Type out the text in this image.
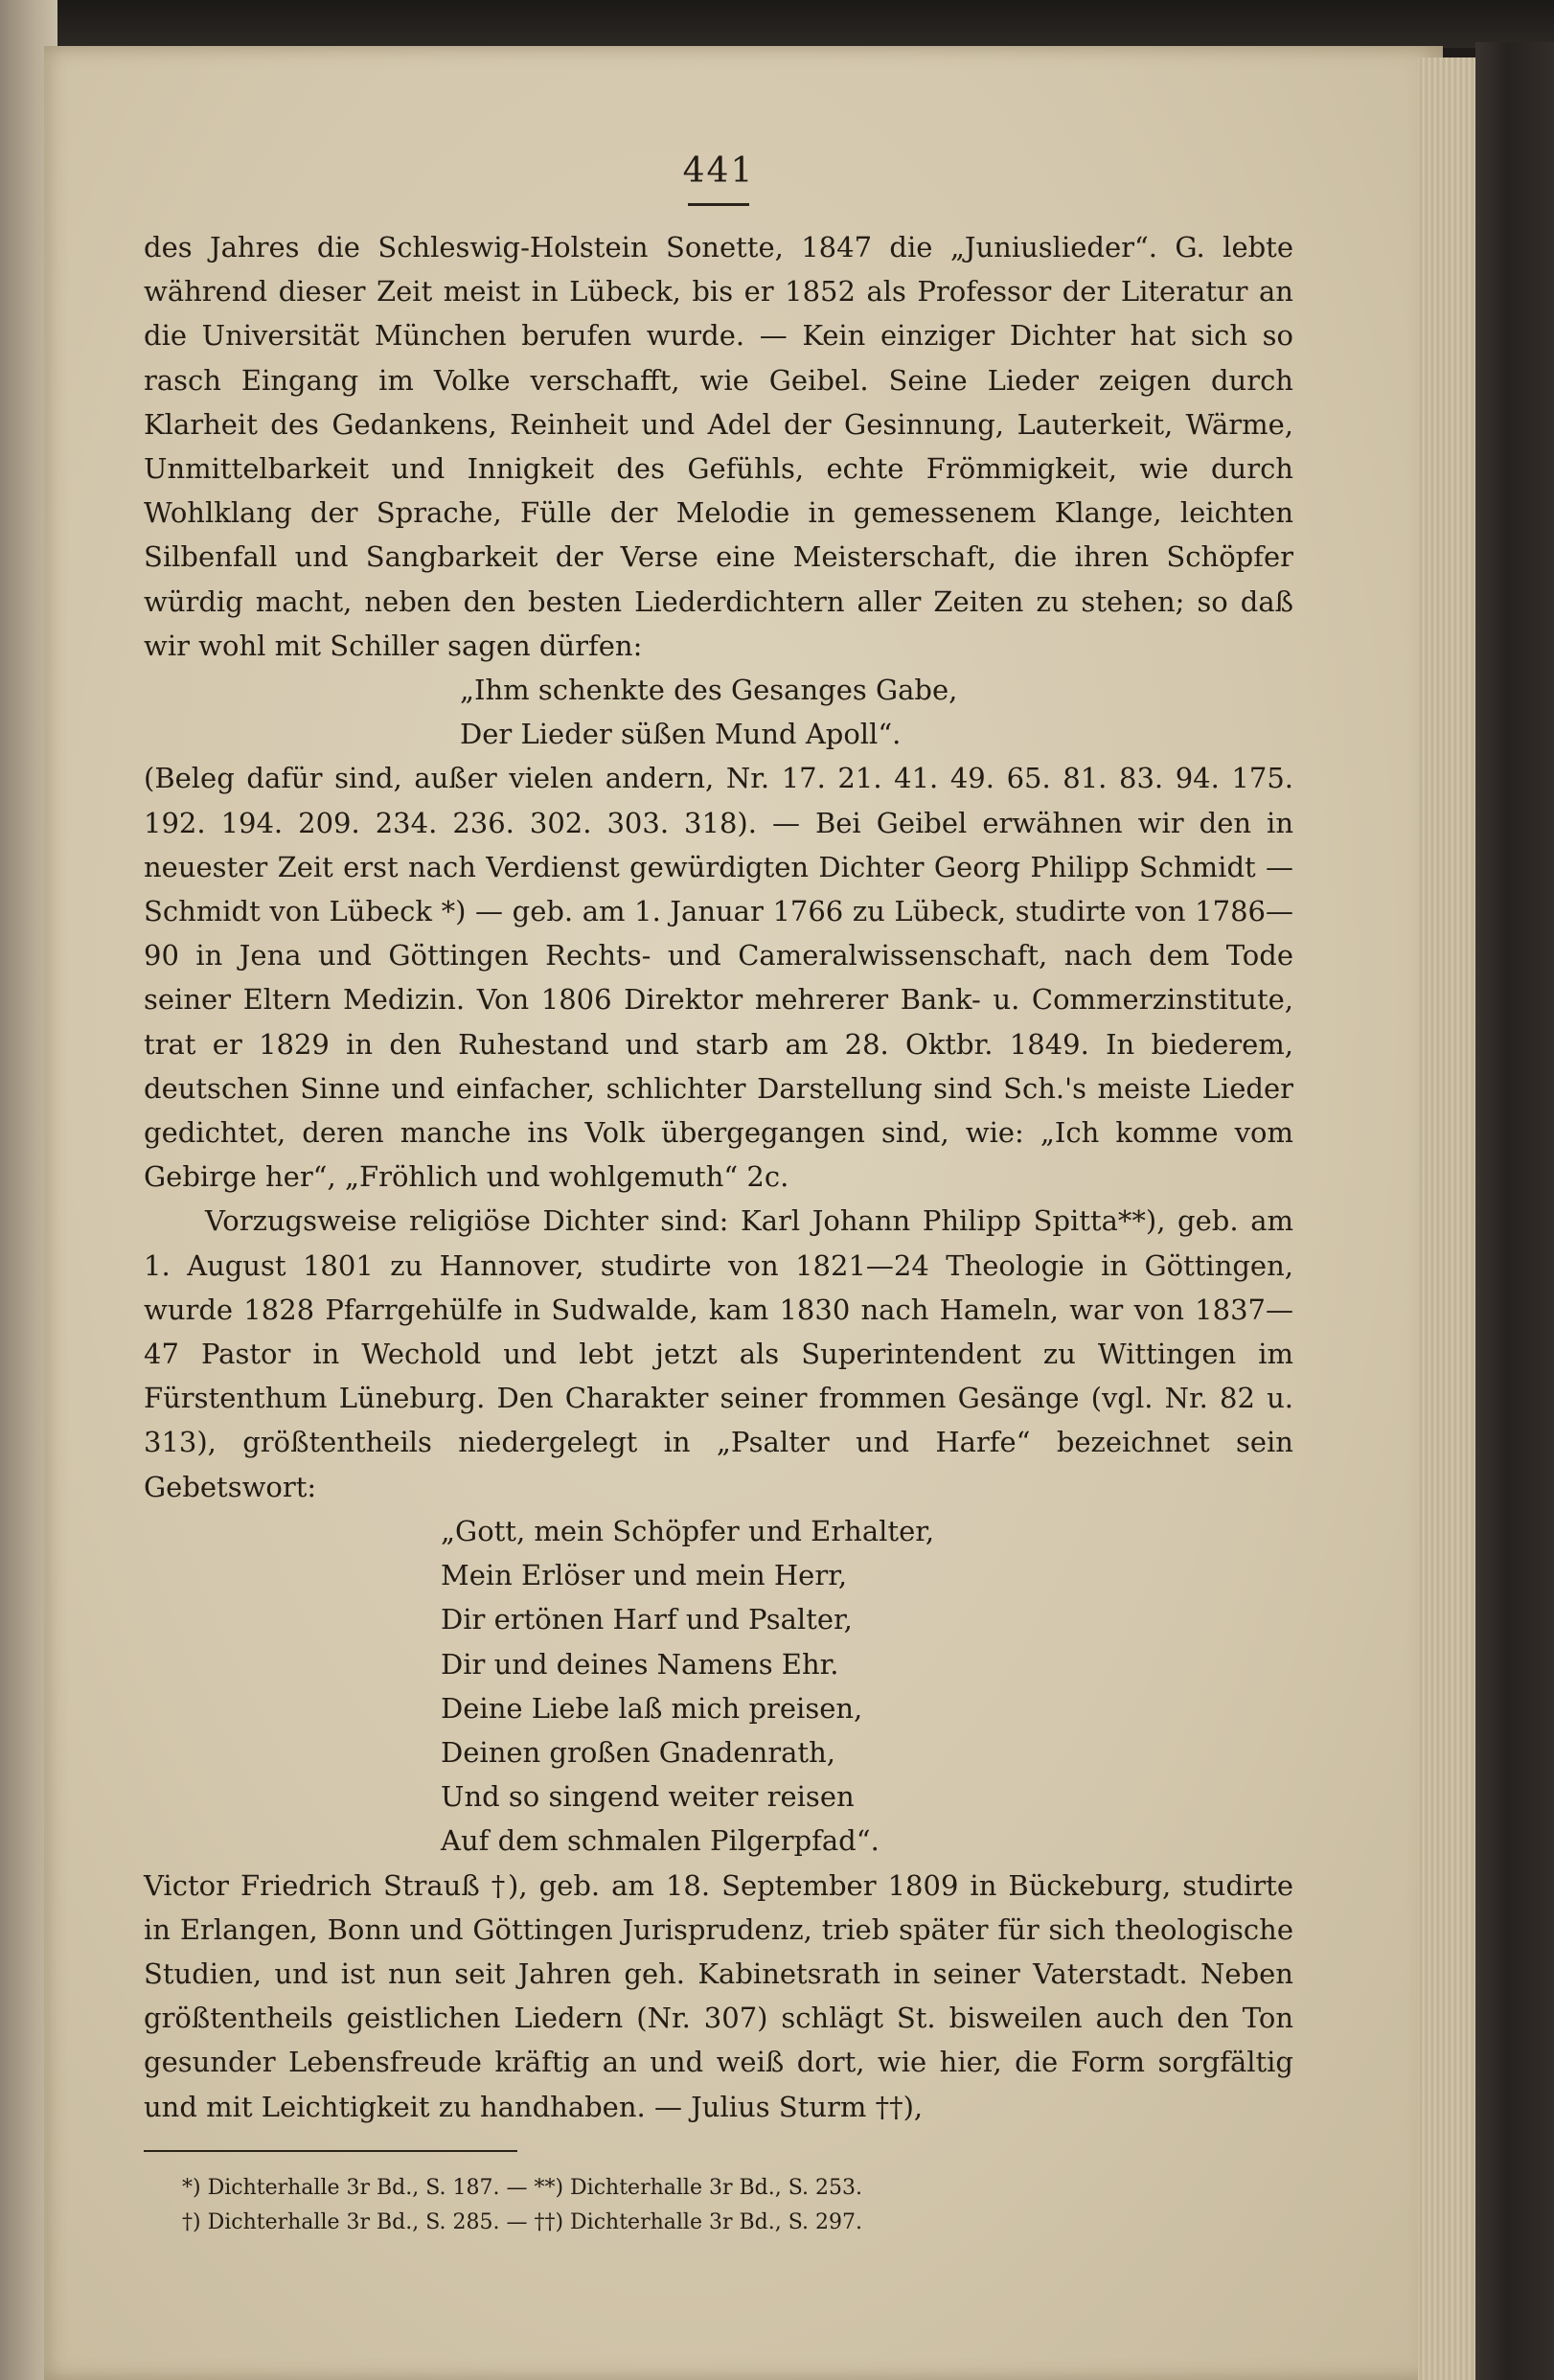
441

des Jahres die Schleswig-Holstein Sonette, 1847 die „Juniuslieder“. G. lebte während dieser Zeit meist in Lübeck, bis er 1852 als Professor der Literatur an die Universität München berufen wurde. — Kein einziger Dichter hat sich so rasch Eingang im Volke verschafft, wie Geibel. Seine Lieder zeigen durch Klarheit des Gedankens, Reinheit und Adel der Gesinnung, Lauterkeit, Wärme, Unmittelbarkeit und Innigkeit des Gefühls, echte Frömmigkeit, wie durch Wohlklang der Sprache, Fülle der Melodie in gemessenem Klange, leichten Silbenfall und Sangbarkeit der Verse eine Meisterschaft, die ihren Schöpfer würdig macht, neben den besten Liederdichtern aller Zeiten zu stehen; so daß wir wohl mit Schiller sagen dürfen:

„Ihm schenkte des Gesanges Gabe,
Der Lieder süßen Mund Apoll“.

(Beleg dafür sind, außer vielen andern, Nr. 17. 21. 41. 49. 65. 81. 83. 94. 175. 192. 194. 209. 234. 236. 302. 303. 318). — Bei Geibel erwähnen wir den in neuester Zeit erst nach Verdienst gewürdigten Dichter Georg Philipp Schmidt — Schmidt von Lübeck *) — geb. am 1. Januar 1766 zu Lübeck, studirte von 1786—90 in Jena und Göttingen Rechts- und Cameralwissenschaft, nach dem Tode seiner Eltern Medizin. Von 1806 Direktor mehrerer Bank- u. Commerzinstitute, trat er 1829 in den Ruhestand und starb am 28. Oktbr. 1849. In biederem, deutschen Sinne und einfacher, schlichter Darstellung sind Sch.'s meiste Lieder gedichtet, deren manche ins Volk übergegangen sind, wie: „Ich komme vom Gebirge her“, „Fröhlich und wohlgemuth“ 2c.

Vorzugsweise religiöse Dichter sind: Karl Johann Philipp Spitta**), geb. am 1. August 1801 zu Hannover, studirte von 1821—24 Theologie in Göttingen, wurde 1828 Pfarrgehülfe in Sudwalde, kam 1830 nach Hameln, war von 1837—47 Pastor in Wechold und lebt jetzt als Superintendent zu Wittingen im Fürstenthum Lüneburg. Den Charakter seiner frommen Gesänge (vgl. Nr. 82 u. 313), größtentheils niedergelegt in „Psalter und Harfe“ bezeichnet sein Gebetswort:

„Gott, mein Schöpfer und Erhalter,
Mein Erlöser und mein Herr,
Dir ertönen Harf und Psalter,
Dir und deines Namens Ehr.
Deine Liebe laß mich preisen,
Deinen großen Gnadenrath,
Und so singend weiter reisen
Auf dem schmalen Pilgerpfad“.

Victor Friedrich Strauß †), geb. am 18. September 1809 in Bückeburg, studirte in Erlangen, Bonn und Göttingen Jurisprudenz, trieb später für sich theologische Studien, und ist nun seit Jahren geh. Kabinetsrath in seiner Vaterstadt. Neben größtentheils geistlichen Liedern (Nr. 307) schlägt St. bisweilen auch den Ton gesunder Lebensfreude kräftig an und weiß dort, wie hier, die Form sorgfältig und mit Leichtigkeit zu handhaben. — Julius Sturm ††),

*) Dichterhalle 3r Bd., S. 187. — **) Dichterhalle 3r Bd., S. 253.
†) Dichterhalle 3r Bd., S. 285. — ††) Dichterhalle 3r Bd., S. 297.
